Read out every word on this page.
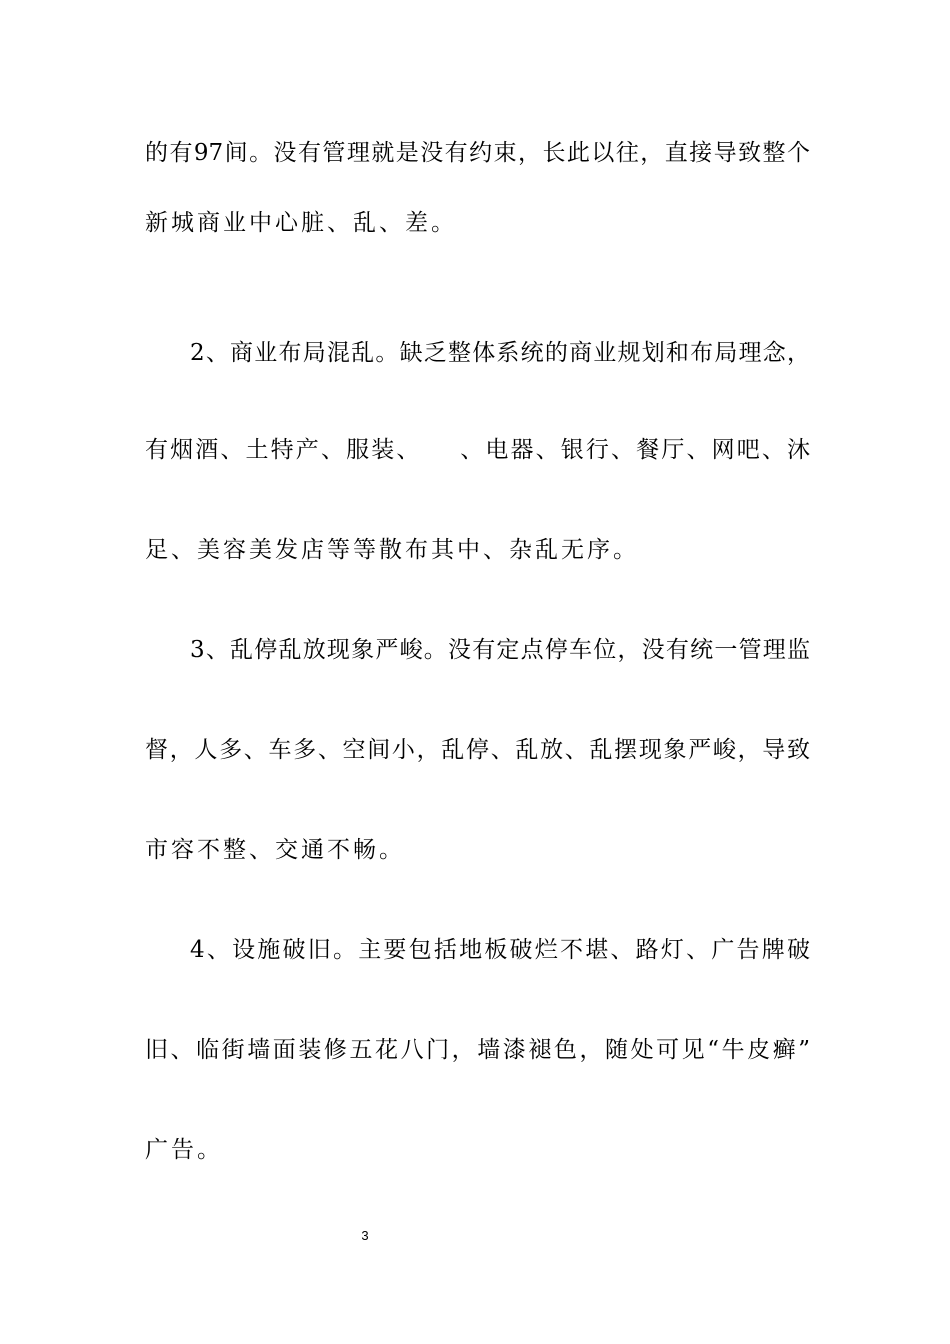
的有97间。没有管理就是没有约束，长此以往，直接导致整个
新城商业中心脏、乱、差。
2、商业布局混乱。缺乏整体系统的商业规划和布局理念，
有烟酒、土特产、服装、　　、电器、银行、餐厅、网吧、沐
足、美容美发店等等散布其中、杂乱无序。
3、乱停乱放现象严峻。没有定点停车位，没有统一管理监
督，人多、车多、空间小，乱停、乱放、乱摆现象严峻，导致
市容不整、交通不畅。
4、设施破旧。主要包括地板破烂不堪、路灯、广告牌破
旧、临街墙面装修五花八门，墙漆褪色，随处可见“牛皮癣”
广告。
3
